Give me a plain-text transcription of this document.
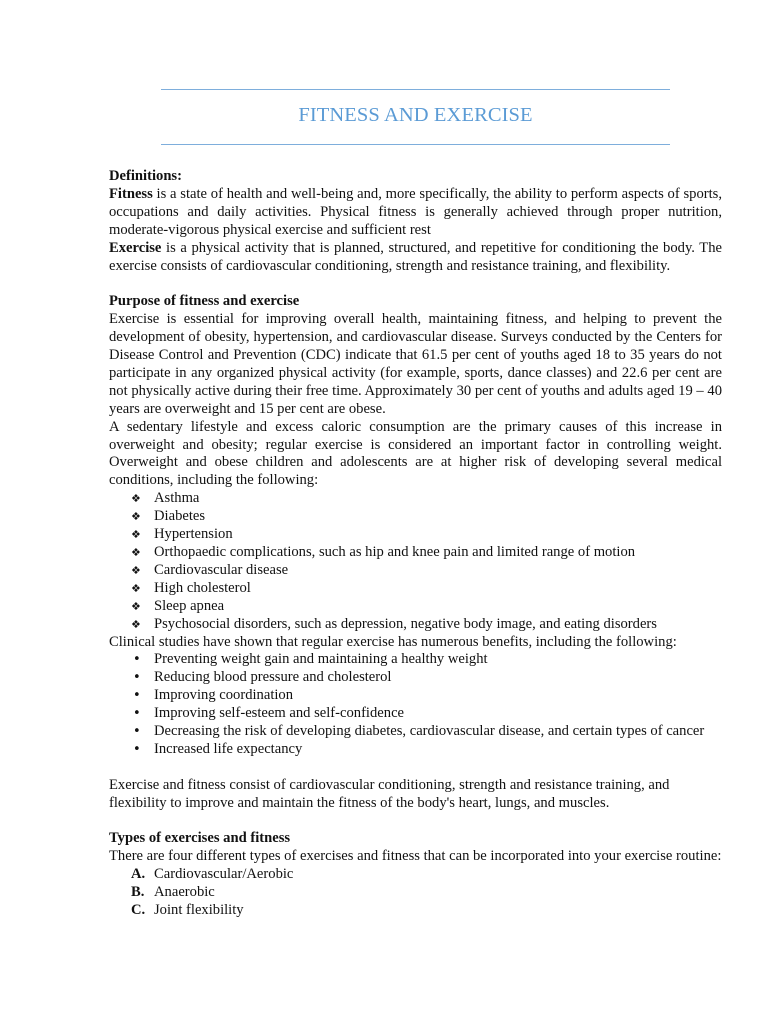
FITNESS AND EXERCISE

Definitions:

Fitness is a state of health and well-being and, more specifically, the ability to perform aspects of sports, occupations and daily activities. Physical fitness is generally achieved through proper nutrition, moderate-vigorous physical exercise and sufficient rest

Exercise is a physical activity that is planned, structured, and repetitive for conditioning the body. The exercise consists of cardiovascular conditioning, strength and resistance training, and flexibility.

Purpose of fitness and exercise

Exercise is essential for improving overall health, maintaining fitness, and helping to prevent the development of obesity, hypertension, and cardiovascular disease. Surveys conducted by the Centers for Disease Control and Prevention (CDC) indicate that 61.5 per cent of youths aged 18 to 35 years do not participate in any organized physical activity (for example, sports, dance classes) and 22.6 per cent are not physically active during their free time. Approximately 30 per cent of youths and adults aged 19 – 40 years are overweight and 15 per cent are obese.

A sedentary lifestyle and excess caloric consumption are the primary causes of this increase in overweight and obesity; regular exercise is considered an important factor in controlling weight. Overweight and obese children and adolescents are at higher risk of developing several medical conditions, including the following:

❖ Asthma
❖ Diabetes
❖ Hypertension
❖ Orthopaedic complications, such as hip and knee pain and limited range of motion
❖ Cardiovascular disease
❖ High cholesterol
❖ Sleep apnea
❖ Psychosocial disorders, such as depression, negative body image, and eating disorders

Clinical studies have shown that regular exercise has numerous benefits, including the following:

• Preventing weight gain and maintaining a healthy weight
• Reducing blood pressure and cholesterol
• Improving coordination
• Improving self-esteem and self-confidence
• Decreasing the risk of developing diabetes, cardiovascular disease, and certain types of cancer
• Increased life expectancy

Exercise and fitness consist of cardiovascular conditioning, strength and resistance training, and flexibility to improve and maintain the fitness of the body's heart, lungs, and muscles.

Types of exercises and fitness

There are four different types of exercises and fitness that can be incorporated into your exercise routine:

A. Cardiovascular/Aerobic
B. Anaerobic
C. Joint flexibility
